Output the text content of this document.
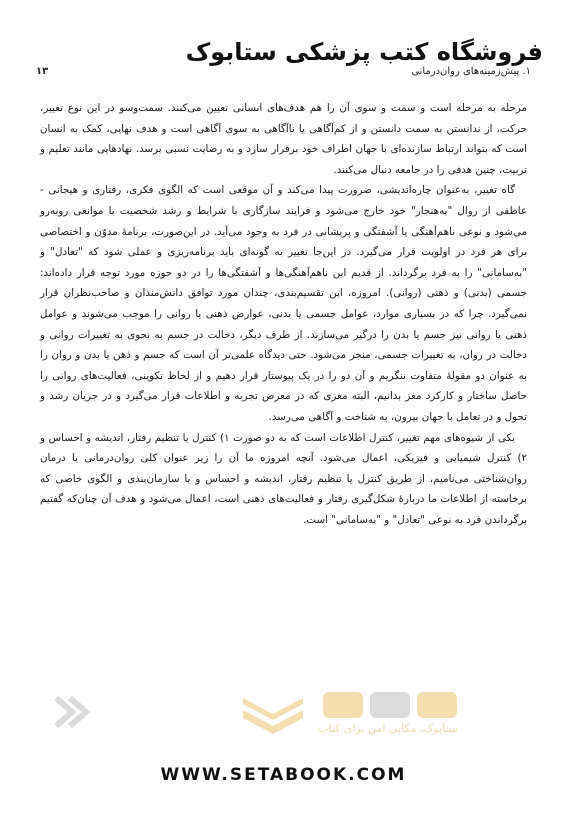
فروشگاه کتب پزشکی ستابوک
۱. پیش‌زمینه‌های روان‌درمانی
۱۳

مرحله به مرحله است و سمت و سوی آن را هم هدف‌های انسانی تعیین می‌کنند. سمت‌وسو در این نوع تغییر، حرکت، از ندانستن به سمت دانستن و از کم‌آگاهی یا ناآگاهی به سوی آگاهی است و هدف نهایی، کمک به انسان است که بتواند ارتباط سازنده‌ای با جهان اطراف خود برقرار سازد و به رضایت نسبی برسد. نهادهایی مانند تعلیم و تربیت، چنین هدفی را در جامعه دنبال می‌کنند.

گاه تغییر، به‌عنوان چاره‌اندیشی، ضرورت پیدا می‌کند و آن موقعی است که الگوی فکری، رفتاری و هیجانی - عاطفی از روال "به‌هنجار" خود خارج می‌شود و فرایند سازگاری با شرایط و رشد شخصیت با موانعی روبه‌رو می‌شود و نوعی ناهم‌آهنگی یا آشفتگی و پریشانی در فرد به وجود می‌آید. در این‌صورت، برنامهٔ مدوّن و اختصاصی برای هر فرد در اولویت قرار می‌گیرد. در این‌جا تغییر به گونه‌ای باید برنامه‌ریزی و عملی شود که "تعادل" و "به‌سامانی" را به فرد برگرداند. از قدیم این ناهم‌آهنگی‌ها و آشفتگی‌ها را در دو حوزه مورد توجه قرار داده‌اند: جسمی (بدنی) و ذهنی (روانی). امروزه، این تقسیم‌بندی، چندان مورد توافق دانش‌مندان و صاحب‌نظران قرار نمی‌گیرد. چرا که در بسیاری موارد، عوامل جسمی یا بدنی، عوارض ذهنی یا روانی را موجب می‌شوند و عوامل ذهنی یا روانی نیز جسم یا بدن را درگیر می‌سازند. از طرف دیگر، دخالت در جسم به نحوی به تغییرات روانی و دخالت در روان، به تغییرات جسمی، منجر می‌شود. حتی دیدگاه علمی‌تر آن است که جسم و ذهن یا بدن و روان را به عنوان دو مقولهٔ متفاوت ننگریم و آن دو را در یک پیوستار قرار دهیم و از لحاظ تکوینی، فعالیت‌های روانی را حاصل ساختار و کارکرد مغز بدانیم، البته مغزی که در معرض تجربه و اطلاعات قرار می‌گیرد و در جریان رشد و تحول و در تعامل با جهان بیرون، به شناخت و آگاهی می‌رسد.

یکی از شیوه‌های مهم تغییر، کنترل اطلاعات است که به دو صورت ۱) کنترل یا تنظیم رفتار، اندیشه و احساس و ۲) کنترل شیمیایی و فیزیکی، اعمال می‌شود. آنچه امروزه ما آن را زیر عنوان کلی روان‌درمانی یا درمان روان‌شناختی می‌نامیم، از طریق کنترل یا تنظیم رفتار، اندیشه و احساس و با سازمان‌بندی و الگوی خاصی که برخاسته از اطلاعات ما دربارهٔ شکل‌گیری رفتار و فعالیت‌های ذهنی است، اعمال می‌شود و هدف آن چنان‌که گفتیم برگرداندن فرد به نوعی "تعادل" و "به‌سامانی" است.

ستابوک، مکانی امن برای کتاب
WWW.SETABOOK.COM
